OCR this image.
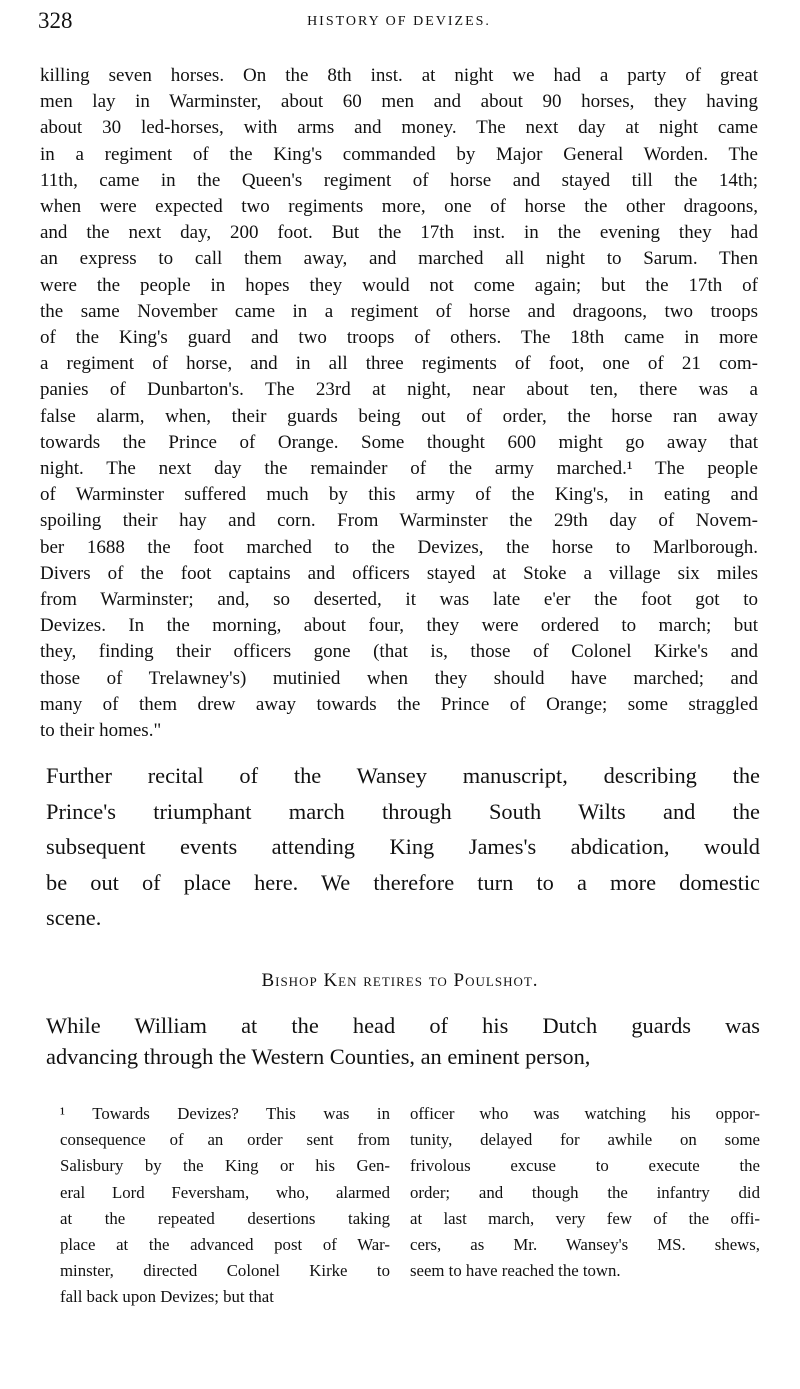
328	HISTORY OF DEVIZES.
killing seven horses. On the 8th inst. at night we had a party of great
men lay in Warminster, about 60 men and about 90 horses, they having
about 30 led-horses, with arms and money. The next day at night came
in a regiment of the King's commanded by Major General Worden. The
11th, came in the Queen's regiment of horse and stayed till the 14th;
when were expected two regiments more, one of horse the other dragoons,
and the next day, 200 foot. But the 17th inst. in the evening they had
an express to call them away, and marched all night to Sarum. Then
were the people in hopes they would not come again; but the 17th of
the same November came in a regiment of horse and dragoons, two troops
of the King's guard and two troops of others. The 18th came in more
a regiment of horse, and in all three regiments of foot, one of 21 com-
panies of Dunbarton's. The 23rd at night, near about ten, there was a
false alarm, when, their guards being out of order, the horse ran away
towards the Prince of Orange. Some thought 600 might go away that
night. The next day the remainder of the army marched.¹ The people
of Warminster suffered much by this army of the King's, in eating and
spoiling their hay and corn. From Warminster the 29th day of Novem-
ber 1688 the foot marched to the Devizes, the horse to Marlborough.
Divers of the foot captains and officers stayed at Stoke a village six miles
from Warminster; and, so deserted, it was late e'er the foot got to
Devizes. In the morning, about four, they were ordered to march; but
they, finding their officers gone (that is, those of Colonel Kirke's and
those of Trelawney's) mutinied when they should have marched; and
many of them drew away towards the Prince of Orange; some straggled
to their homes."
Further recital of the Wansey manuscript, describing the
Prince's triumphant march through South Wilts and the
subsequent events attending King James's abdication, would
be out of place here. We therefore turn to a more domestic
scene.
Bishop Ken retires to Poulshot.
While William at the head of his Dutch guards was
advancing through the Western Counties, an eminent person,
¹ Towards Devizes? This was in
consequence of an order sent from
Salisbury by the King or his Gen-
eral Lord Feversham, who, alarmed
at the repeated desertions taking
place at the advanced post of War-
minster, directed Colonel Kirke to
fall back upon Devizes; but that
officer who was watching his oppor-
tunity, delayed for awhile on some
frivolous excuse to execute the
order; and though the infantry did
at last march, very few of the offi-
cers, as Mr. Wansey's MS. shews,
seem to have reached the town.
